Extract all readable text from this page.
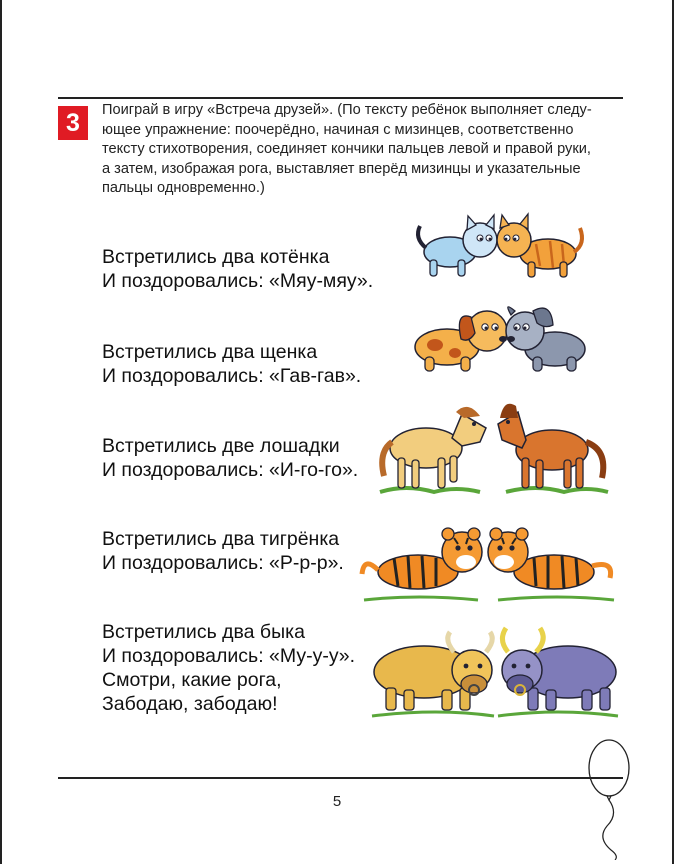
3	Поиграй в игру «Встреча друзей». (По тексту ребёнок выполняет следу-
ющее упражнение: поочерёдно, начиная с мизинцев, соответственно
тексту стихотворения, соединяет кончики пальцев левой и правой руки,
а затем, изображая рога, выставляет вперёд мизинцы и указательные
пальцы одновременно.)
Встретились два котёнка
И поздоровались: «Мяу-мяу».
Встретились два щенка
И поздоровались: «Гав-гав».
Встретились две лошадки
И поздоровались: «И-го-го».
Встретились два тигрёнка
И поздоровались: «Р-р-р».
Встретились два быка
И поздоровались: «Му-у-у».
Смотри, какие рога,
Забодаю, забодаю!
5
